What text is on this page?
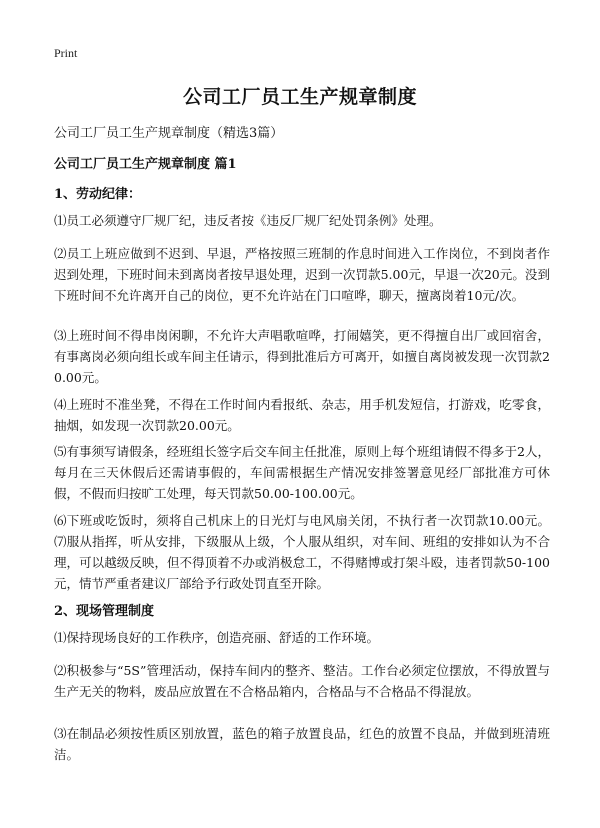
Print
公司工厂员工生产规章制度
公司工厂员工生产规章制度（精选3篇）
公司工厂员工生产规章制度 篇1
1、劳动纪律：
⑴员工必须遵守厂规厂纪，违反者按《违反厂规厂纪处罚条例》处理。
⑵员工上班应做到不迟到、早退，严格按照三班制的作息时间进入工作岗位，不到岗者作迟到处理，下班时间未到离岗者按早退处理，迟到一次罚款5.00元，早退一次20元。没到下班时间不允许离开自己的岗位，更不允许站在门口喧哗，聊天，擅离岗着10元/次。
⑶上班时间不得串岗闲聊，不允许大声唱歌喧哗，打闹嬉笑，更不得擅自出厂或回宿舍，有事离岗必须向组长或车间主任请示，得到批准后方可离开，如擅自离岗被发现一次罚款20.00元。
⑷上班时不准坐凳，不得在工作时间内看报纸、杂志，用手机发短信，打游戏，吃零食，抽烟，如发现一次罚款20.00元。
⑸有事须写请假条，经班组长签字后交车间主任批准，原则上每个班组请假不得多于2人，每月在三天休假后还需请事假的，车间需根据生产情况安排签署意见经厂部批准方可休假，不假而归按旷工处理，每天罚款50.00-100.00元。
⑹下班或吃饭时，须将自己机床上的日光灯与电风扇关闭，不执行者一次罚款10.00元。⑺服从指挥，听从安排，下级服从上级，个人服从组织，对车间、班组的安排如认为不合理，可以越级反映，但不得顶着不办或消极怠工，不得赌博或打架斗殴，违者罚款50-100元，情节严重者建议厂部给予行政处罚直至开除。
2、现场管理制度
⑴保持现场良好的工作秩序，创造亮丽、舒适的工作环境。
⑵积极参与“5S”管理活动，保持车间内的整齐、整洁。工作台必须定位摆放，不得放置与生产无关的物料，废品应放置在不合格品箱内，合格品与不合格品不得混放。
⑶在制品必须按性质区别放置，蓝色的箱子放置良品，红色的放置不良品，并做到班清班洁。
